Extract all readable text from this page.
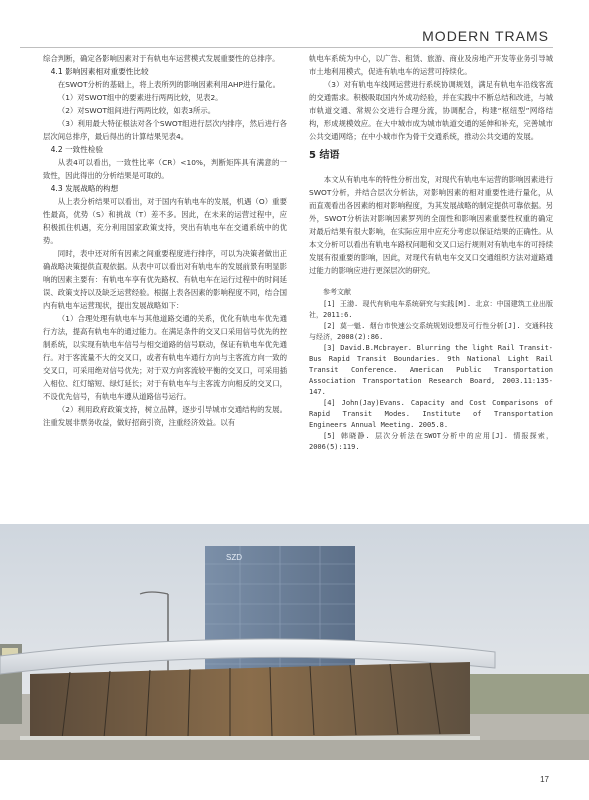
MODERN TRAMS

综合判断，确定各影响因素对于有轨电车运营模式发展重要性的总排序。

4.1 影响因素相对重要性比较

在SWOT分析的基础上，将上表所列的影响因素利用AHP进行量化。

（1）对SWOT组中的要素进行两两比较，见表2。

（2）对SWOT组间进行两两比较，如表3所示。

（3）利用最大特征根法对各个SWOT组进行层次内排序，然后进行各层次间总排序，最后得出的计算结果见表4。

4.2 一致性检验

从表4可以看出，一致性比率（CR）<10%，判断矩阵具有满意的一致性，因此得出的分析结果是可取的。

4.3 发展战略的构想

从上表分析结果可以看出，对于国内有轨电车的发展，机遇（O）重要性最高，优势（S）和挑战（T）差不多。因此，在未来的运营过程中，应积极抓住机遇，充分利用国家政策支持，突出有轨电车在交通系统中的优势。

同时，表中还对所有因素之间重要程度进行排序，可以为决策者做出正确战略决策提供直观依据。从表中可以看出对有轨电车的发展前景有明显影响的因素主要有：有轨电车享有优先路权、有轨电车在运行过程中的时间延误、政策支持以及缺乏运营经验。根据上表各因素的影响程度不同，结合国内有轨电车运营现状，提出发展战略如下：

（1）合理处理有轨电车与其他道路交通的关系，优化有轨电车优先通行方法，提高有轨电车的通过能力。在满足条件的交叉口采用信号优先的控制系统，以实现有轨电车信号与相交道路的信号联动，保证有轨电车优先通行。对于客流量不大的交叉口，或者有轨电车通行方向与主客流方向一致的交叉口，可采用绝对信号优先；对于双方向客流较平衡的交叉口，可采用插入相位、红灯缩短、绿灯延长；对于有轨电车与主客流方向相反的交叉口，不设优先信号，有轨电车遵从道路信号运行。

（2）利用政府政策支持，树立品牌，逐步引导城市交通结构的发展。注重发展非票务收益，做好招商引资，注重经济效益。以有

轨电车系统为中心，以广告、租赁、旅游、商业及房地产开发等业务引导城市土地利用模式，促进有轨电车的运营可持续化。

（3）对有轨电车线网运营进行系统协调规划，满足有轨电车沿线客流的交通需求。积极吸取国内外成功经验，并在实践中不断总结和改进，与城市轨道交通、常规公交进行合理分流，协调配合，构建“枢纽型”网络结构，形成规模效应。在大中城市成为城市轨道交通的延伸和补充，完善城市公共交通网络；在中小城市作为骨干交通系统，推动公共交通的发展。

5 结语

本文从有轨电车的特性分析出发，对现代有轨电车运营的影响因素进行SWOT分析，并结合层次分析法，对影响因素的相对重要性进行量化，从而直观看出各因素的相对影响程度，为其发展战略的制定提供可靠依据。另外，SWOT分析法对影响因素罗列的全面性和影响因素重要性权重的确定对最后结果有很大影响，在实际应用中应充分考虑以保证结果的正确性。从本文分析可以看出有轨电车路权问题和交叉口运行规则对有轨电车的可持续发展有很重要的影响，因此，对现代有轨电车交叉口交通组织方法对道路通过能力的影响应进行更深层次的研究。

参考文献
[1] 王渤. 现代有轨电车系统研究与实践[M]. 北京：中国建筑工业出版社，2011:6.
[2] 莫一魁. 烟台市快速公交系统规划设想及可行性分析[J]. 交通科技与经济，2008(2):86.
[3] David.B.Mcbrayer. Blurring the light Rail Transit-Bus Rapid Transit Boundaries. 9th National Light Rail Transit Conference. American Public Transportation Association Transportation Research Board, 2003.11:135-147.
[4] John(Jay)Evans. Capacity and Cost Comparisons of Rapid Transit Modes. Institute of Transportation Engineers Annual Meeting. 2005.8.
[5] 韩晓静. 层次分析法在SWOT分析中的应用[J]. 情报探索，2006(5):119.
SZD
17
